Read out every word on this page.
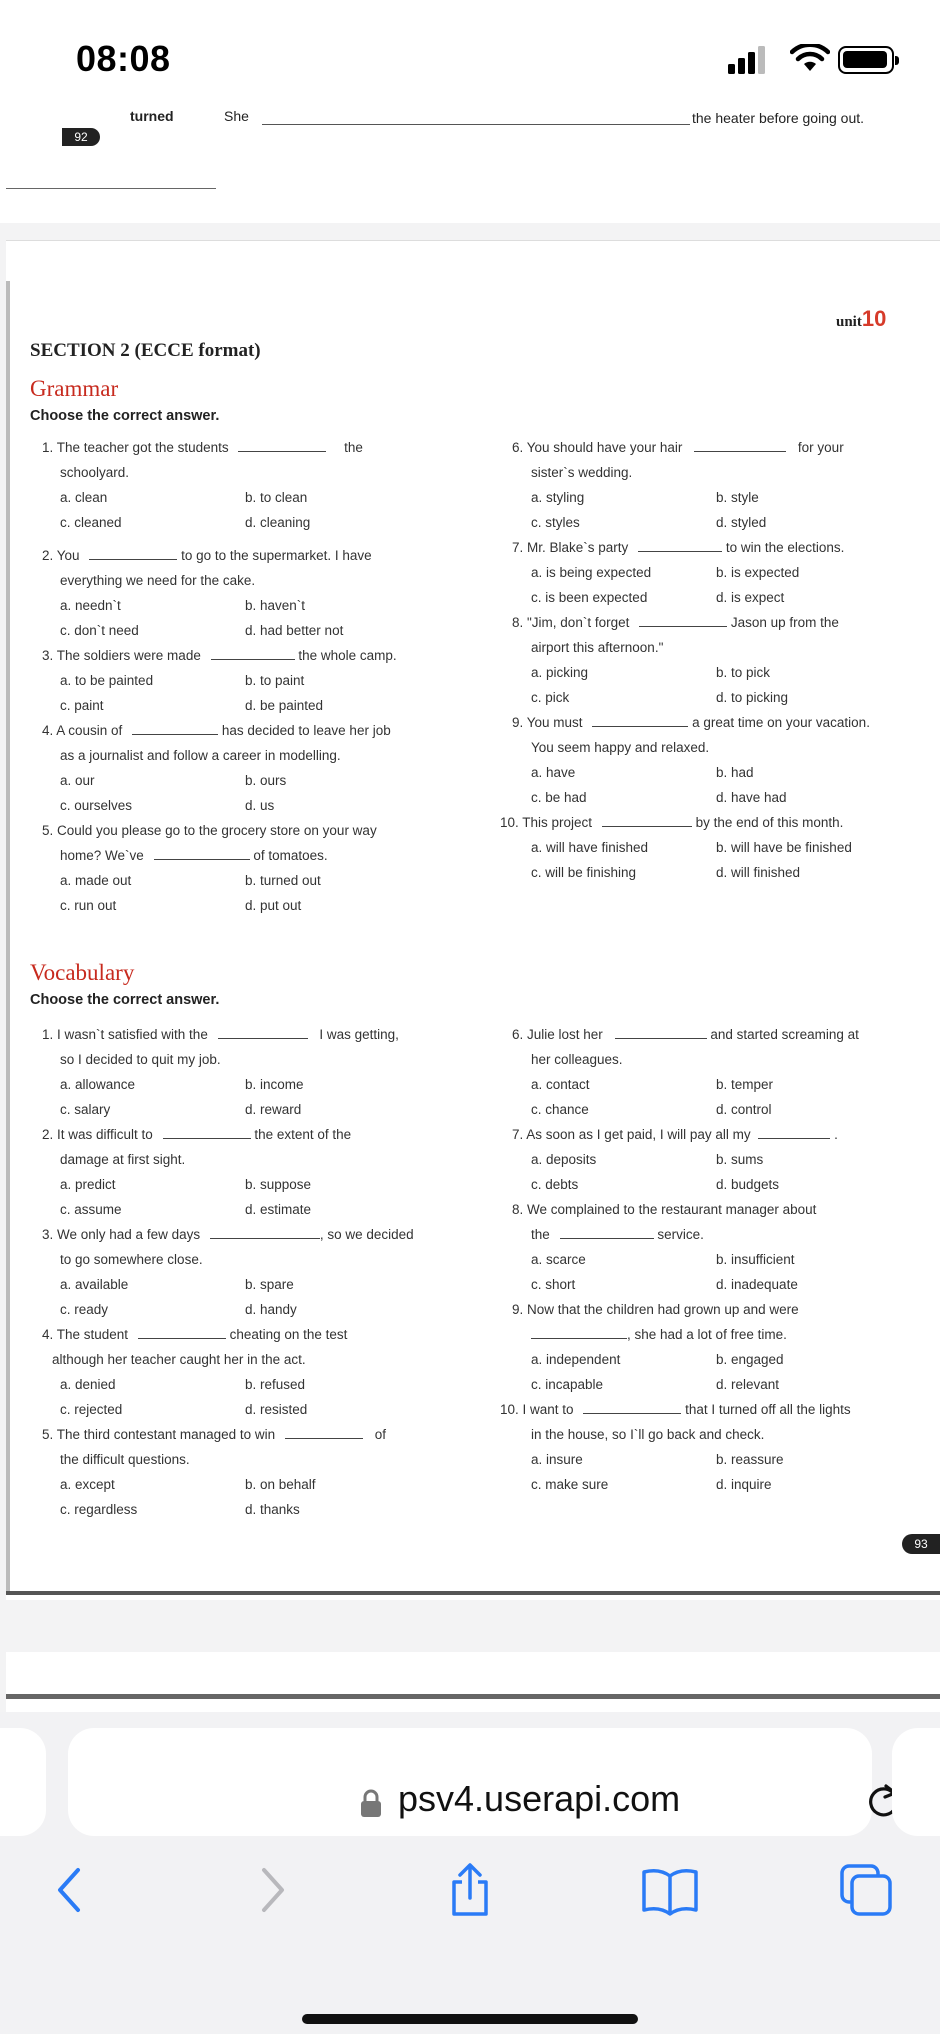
08:08
92
turned	She	the heater before going out.
unit10
SECTION 2 (ECCE format)
Grammar
Choose the correct answer.
1. The teacher got the students	the
schoolyard.
a. clean	b. to clean
c. cleaned	d. cleaning
2. You	to go to the supermarket. I have
everything we need for the cake.
a. needn`t	b. haven`t
c. don`t need	d. had better not
3. The soldiers were made	the whole camp.
a. to be painted	b. to paint
c. paint	d. be painted
4. A cousin of	has decided to leave her job
as a journalist and follow a career in modelling.
a. our	b. ours
c. ourselves	d. us
5. Could you please go to the grocery store on your way
home? We`ve	of tomatoes.
a. made out	b. turned out
c. run out	d. put out
6. You should have your hair	for your
sister`s wedding.
a. styling	b. style
c. styles	d. styled
7. Mr. Blake`s party	to win the elections.
a. is being expected	b. is expected
c. is been expected	d. is expect
8. "Jim, don`t forget	Jason up from the
airport this afternoon."
a. picking	b. to pick
c. pick	d. to picking
9. You must	a great time on your vacation.
You seem happy and relaxed.
a. have	b. had
c. be had	d. have had
10. This project	by the end of this month.
a. will have finished	b. will have be finished
c. will be finishing	d. will finished
Vocabulary
Choose the correct answer.
1. I wasn`t satisfied with the	I was getting,
so I decided to quit my job.
a. allowance	b. income
c. salary	d. reward
2. It was difficult to	the extent of the
damage at first sight.
a. predict	b. suppose
c. assume	d. estimate
3. We only had a few days	, so we decided
to go somewhere close.
a. available	b. spare
c. ready	d. handy
4. The student	cheating on the test
although her teacher caught her in the act.
a. denied	b. refused
c. rejected	d. resisted
5. The third contestant managed to win	of
the difficult questions.
a. except	b. on behalf
c. regardless	d. thanks
6. Julie lost her	and started screaming at
her colleagues.
a. contact	b. temper
c. chance	d. control
7. As soon as I get paid, I will pay all my	.
a. deposits	b. sums
c. debts	d. budgets
8. We complained to the restaurant manager about
the	service.
a. scarce	b. insufficient
c. short	d. inadequate
9. Now that the children had grown up and were
, she had a lot of free time.
a. independent	b. engaged
c. incapable	d. relevant
10. I want to	that I turned off all the lights
in the house, so I`ll go back and check.
a. insure	b. reassure
c. make sure	d. inquire
93
psv4.userapi.com
